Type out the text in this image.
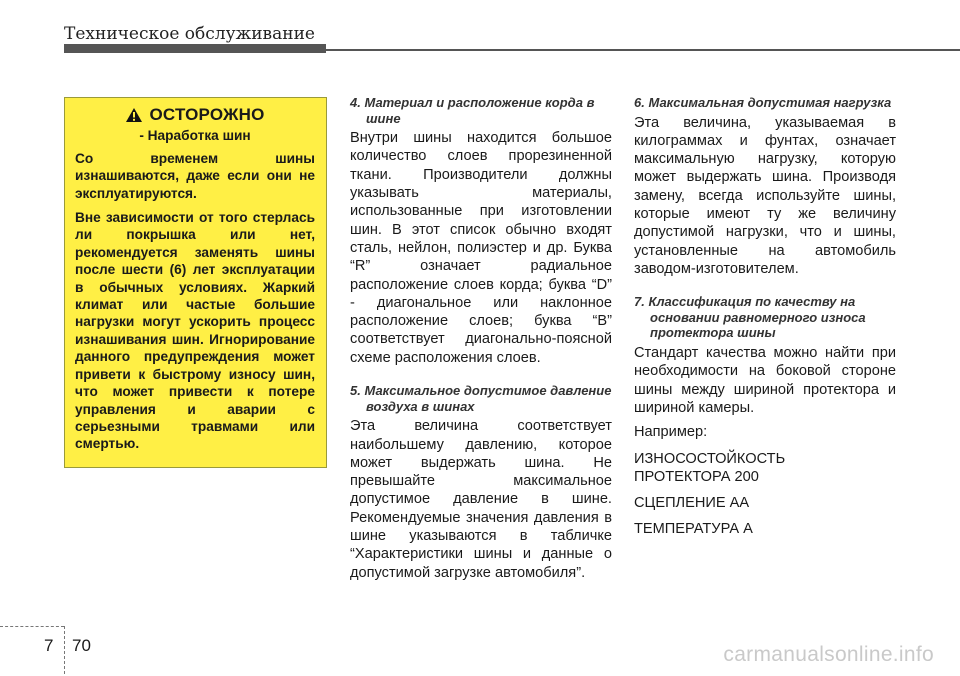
Техническое обслуживание
ОСТОРОЖНО
- Наработка шин

Со временем шины изнашиваются, даже если они не эксплуатируются.

Вне зависимости от того стерлась ли покрышка или нет, рекомендуется заменять шины после шести (6) лет эксплуатации в обычных условиях. Жаркий климат или частые большие нагрузки могут ускорить процесс изнашивания шин. Игнорирование данного предупреждения может привети к быстрому износу шин, что может привести к потере управления и аварии с серьезными травмами или смертью.

4. Материал и расположение корда в шине

Внутри шины находится большое количество слоев прорезиненной ткани. Производители должны указывать материалы, использованные при изготовлении шин. В этот список обычно входят сталь, нейлон, полиэстер и др. Буква “R” означает радиальное расположение слоев корда; буква “D” - диагональное или наклонное расположение слоев; буква “B” соответствует диагонально-поясной схеме расположения слоев.

5. Максимальное допустимое давление воздуха в шинах

Эта величина соответствует наибольшему давлению, которое может выдержать шина. Не превышайте максимальное допустимое давление в шине. Рекомендуемые значения давления в шине указываются в табличке “Характеристики шины и данные о допустимой загрузке автомобиля”.

6. Максимальная допустимая нагрузка

Эта величина, указываемая в килограммах и фунтах, означает максимальную нагрузку, которую может выдержать шина. Производя замену, всегда используйте шины, которые имеют ту же величину допустимой нагрузки, что и шины, установленные на автомобиль заводом-изготовителем.

7. Классификация по качеству на основании равномерного износа протектора шины

Стандарт качества можно найти при необходимости на боковой стороне шины между шириной протектора и шириной камеры.

Например:

ИЗНОСОСТОЙКОСТЬ

ПРОТЕКТОРА 200

СЦЕПЛЕНИЕ AA

ТЕМПЕРАТУРА A

7 70	carmanualsonline.info
